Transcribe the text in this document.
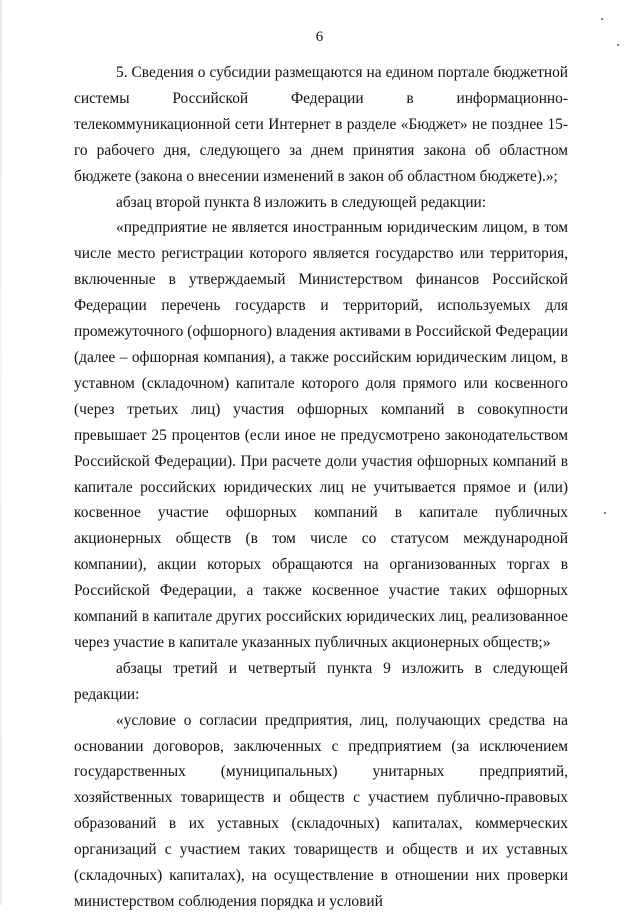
6

5. Сведения о субсидии размещаются на едином портале бюджетной системы Российской Федерации в информационно-телекоммуникационной сети Интернет в разделе «Бюджет» не позднее 15-го рабочего дня, следующего за днем принятия закона об областном бюджете (закона о внесении изменений в закон об областном бюджете).»;

абзац второй пункта 8 изложить в следующей редакции:

«предприятие не является иностранным юридическим лицом, в том числе место регистрации которого является государство или территория, включенные в утверждаемый Министерством финансов Российской Федерации перечень государств и территорий, используемых для промежуточного (офшорного) владения активами в Российской Федерации (далее – офшорная компания), а также российским юридическим лицом, в уставном (складочном) капитале которого доля прямого или косвенного (через третьих лиц) участия офшорных компаний в совокупности превышает 25 процентов (если иное не предусмотрено законодательством Российской Федерации). При расчете доли участия офшорных компаний в капитале российских юридических лиц не учитывается прямое и (или) косвенное участие офшорных компаний в капитале публичных акционерных обществ (в том числе со статусом международной компании), акции которых обращаются на организованных торгах в Российской Федерации, а также косвенное участие таких офшорных компаний в капитале других российских юридических лиц, реализованное через участие в капитале указанных публичных акционерных обществ;»

абзацы третий и четвертый пункта 9 изложить в следующей редакции:

«условие о согласии предприятия, лиц, получающих средства на основании договоров, заключенных с предприятием (за исключением государственных (муниципальных) унитарных предприятий, хозяйственных товариществ и обществ с участием публично-правовых образований в их уставных (складочных) капиталах, коммерческих организаций с участием таких товариществ и обществ и их уставных (складочных) капиталах), на осуществление в отношении них проверки министерством соблюдения порядка и условий
